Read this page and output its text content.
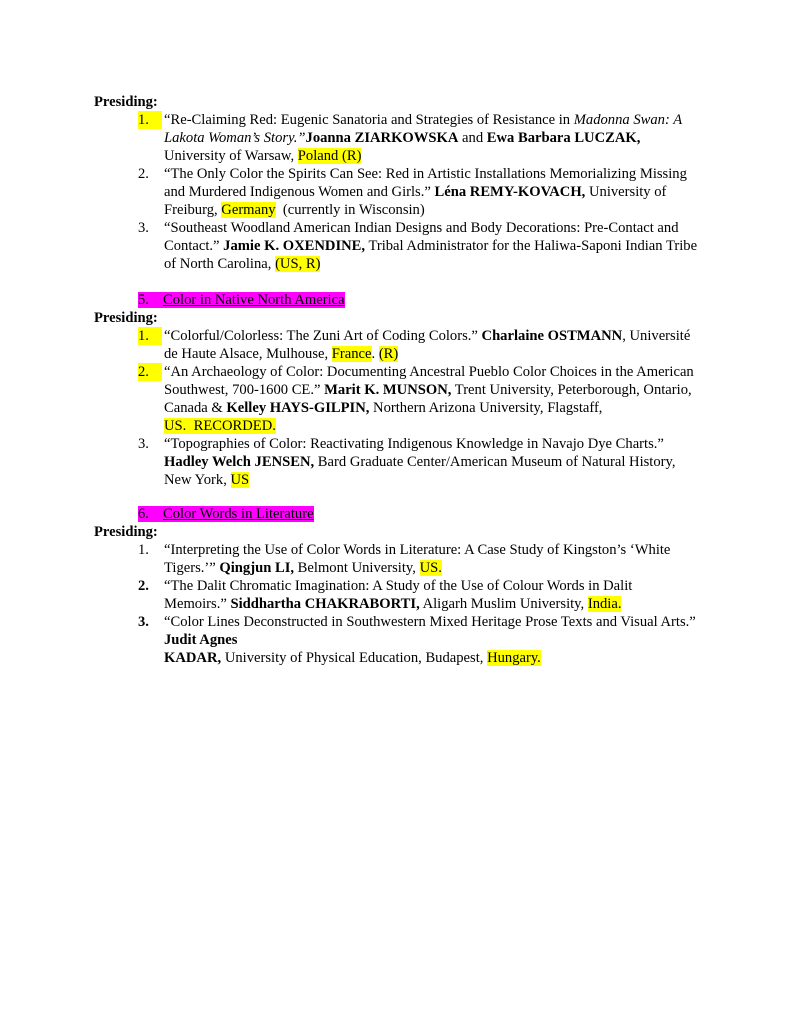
Presiding:
1.	“Re-Claiming Red: Eugenic Sanatoria and Strategies of Resistance in Madonna Swan: A Lakota Woman’s Story.”Joanna ZIARKOWSKA and Ewa Barbara LUCZAK, University of Warsaw, Poland (R)
2.	“The Only Color the Spirits Can See: Red in Artistic Installations Memorializing Missing and Murdered Indigenous Women and Girls.” Léna REMY-KOVACH, University of Freiburg, Germany  (currently in Wisconsin)
3.	“Southeast Woodland American Indian Designs and Body Decorations: Pre-Contact and Contact.” Jamie K. OXENDINE, Tribal Administrator for the Haliwa-Saponi Indian Tribe of North Carolina, (US, R)
5. Color in Native North America
Presiding:
1.	“Colorful/Colorless: The Zuni Art of Coding Colors.” Charlaine OSTMANN, Université de Haute Alsace, Mulhouse, France. (R)
2.	“An Archaeology of Color: Documenting Ancestral Pueblo Color Choices in the American Southwest, 700-1600 CE.” Marit K. MUNSON, Trent University, Peterborough, Ontario, Canada & Kelley HAYS-GILPIN, Northern Arizona University, Flagstaff, US.  RECORDED.
3.	“Topographies of Color: Reactivating Indigenous Knowledge in Navajo Dye Charts.” Hadley Welch JENSEN, Bard Graduate Center/American Museum of Natural History, New York, US
6. Color Words in Literature
Presiding:
1.	“Interpreting the Use of Color Words in Literature: A Case Study of Kingston’s ‘White Tigers.’” Qingjun LI, Belmont University, US.
2.	“The Dalit Chromatic Imagination: A Study of the Use of Colour Words in Dalit Memoirs.” Siddhartha CHAKRABORTI, Aligarh Muslim University, India.
3.	“Color Lines Deconstructed in Southwestern Mixed Heritage Prose Texts and Visual Arts.” Judit Agnes
KADAR, University of Physical Education, Budapest, Hungary.
